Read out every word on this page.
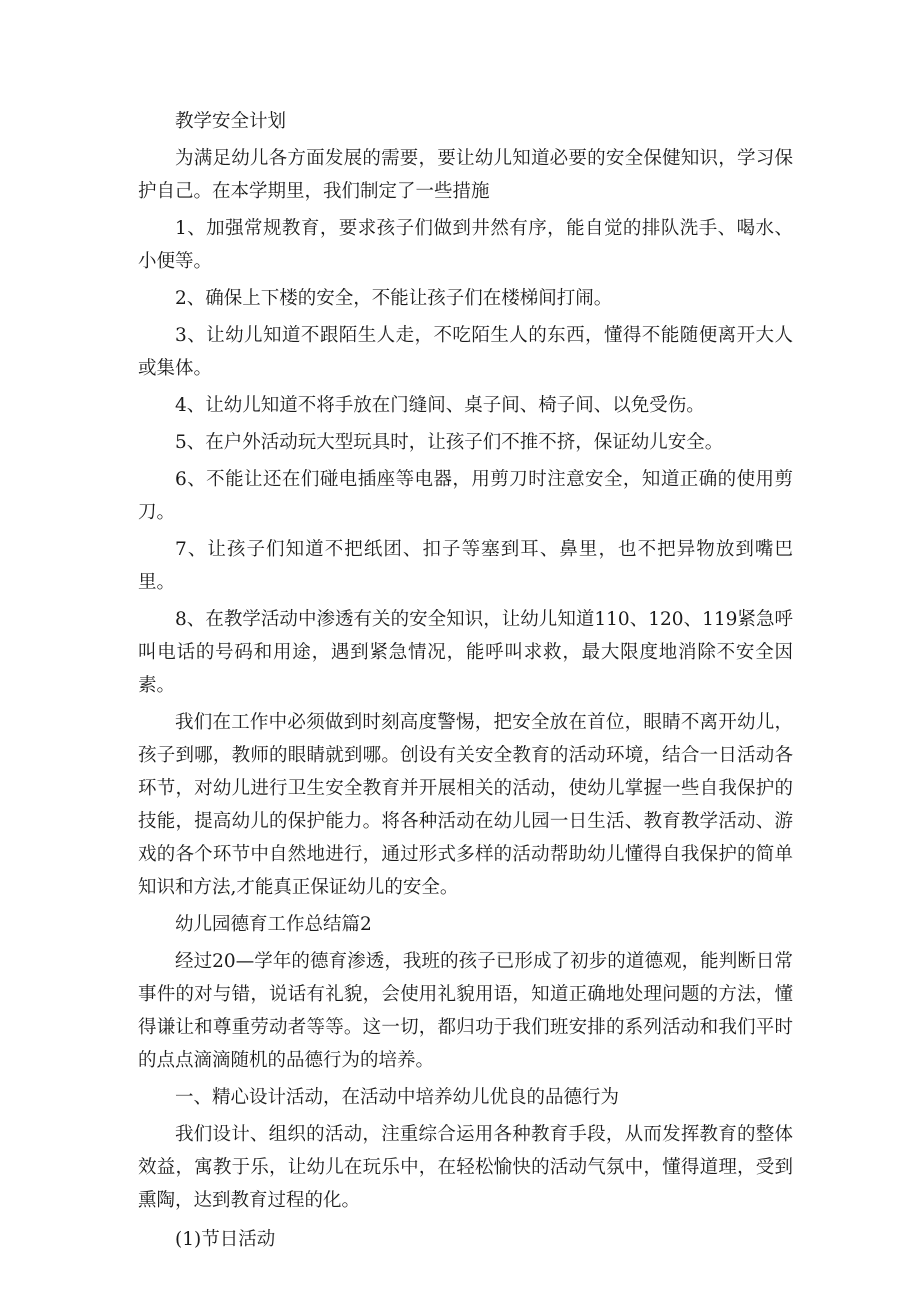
教学安全计划

为满足幼儿各方面发展的需要，要让幼儿知道必要的安全保健知识，学习保护自己。在本学期里，我们制定了一些措施

1、加强常规教育，要求孩子们做到井然有序，能自觉的排队洗手、喝水、小便等。

2、确保上下楼的安全，不能让孩子们在楼梯间打闹。

3、让幼儿知道不跟陌生人走，不吃陌生人的东西，懂得不能随便离开大人或集体。

4、让幼儿知道不将手放在门缝间、桌子间、椅子间、以免受伤。

5、在户外活动玩大型玩具时，让孩子们不推不挤，保证幼儿安全。

6、不能让还在们碰电插座等电器，用剪刀时注意安全，知道正确的使用剪刀。

7、让孩子们知道不把纸团、扣子等塞到耳、鼻里，也不把异物放到嘴巴里。

8、在教学活动中渗透有关的安全知识，让幼儿知道110、120、119紧急呼叫电话的号码和用途，遇到紧急情况，能呼叫求救，最大限度地消除不安全因素。

我们在工作中必须做到时刻高度警惕，把安全放在首位，眼睛不离开幼儿，孩子到哪，教师的眼睛就到哪。创设有关安全教育的活动环境，结合一日活动各环节，对幼儿进行卫生安全教育并开展相关的活动，使幼儿掌握一些自我保护的技能，提高幼儿的保护能力。将各种活动在幼儿园一日生活、教育教学活动、游戏的各个环节中自然地进行，通过形式多样的活动帮助幼儿懂得自我保护的简单知识和方法,才能真正保证幼儿的安全。

幼儿园德育工作总结篇2

经过20—学年的德育渗透，我班的孩子已形成了初步的道德观，能判断日常事件的对与错，说话有礼貌，会使用礼貌用语，知道正确地处理问题的方法，懂得谦让和尊重劳动者等等。这一切，都归功于我们班安排的系列活动和我们平时的点点滴滴随机的品德行为的培养。

一、精心设计活动，在活动中培养幼儿优良的品德行为

我们设计、组织的活动，注重综合运用各种教育手段，从而发挥教育的整体效益，寓教于乐，让幼儿在玩乐中，在轻松愉快的活动气氛中，懂得道理，受到熏陶，达到教育过程的化。

(1)节日活动
